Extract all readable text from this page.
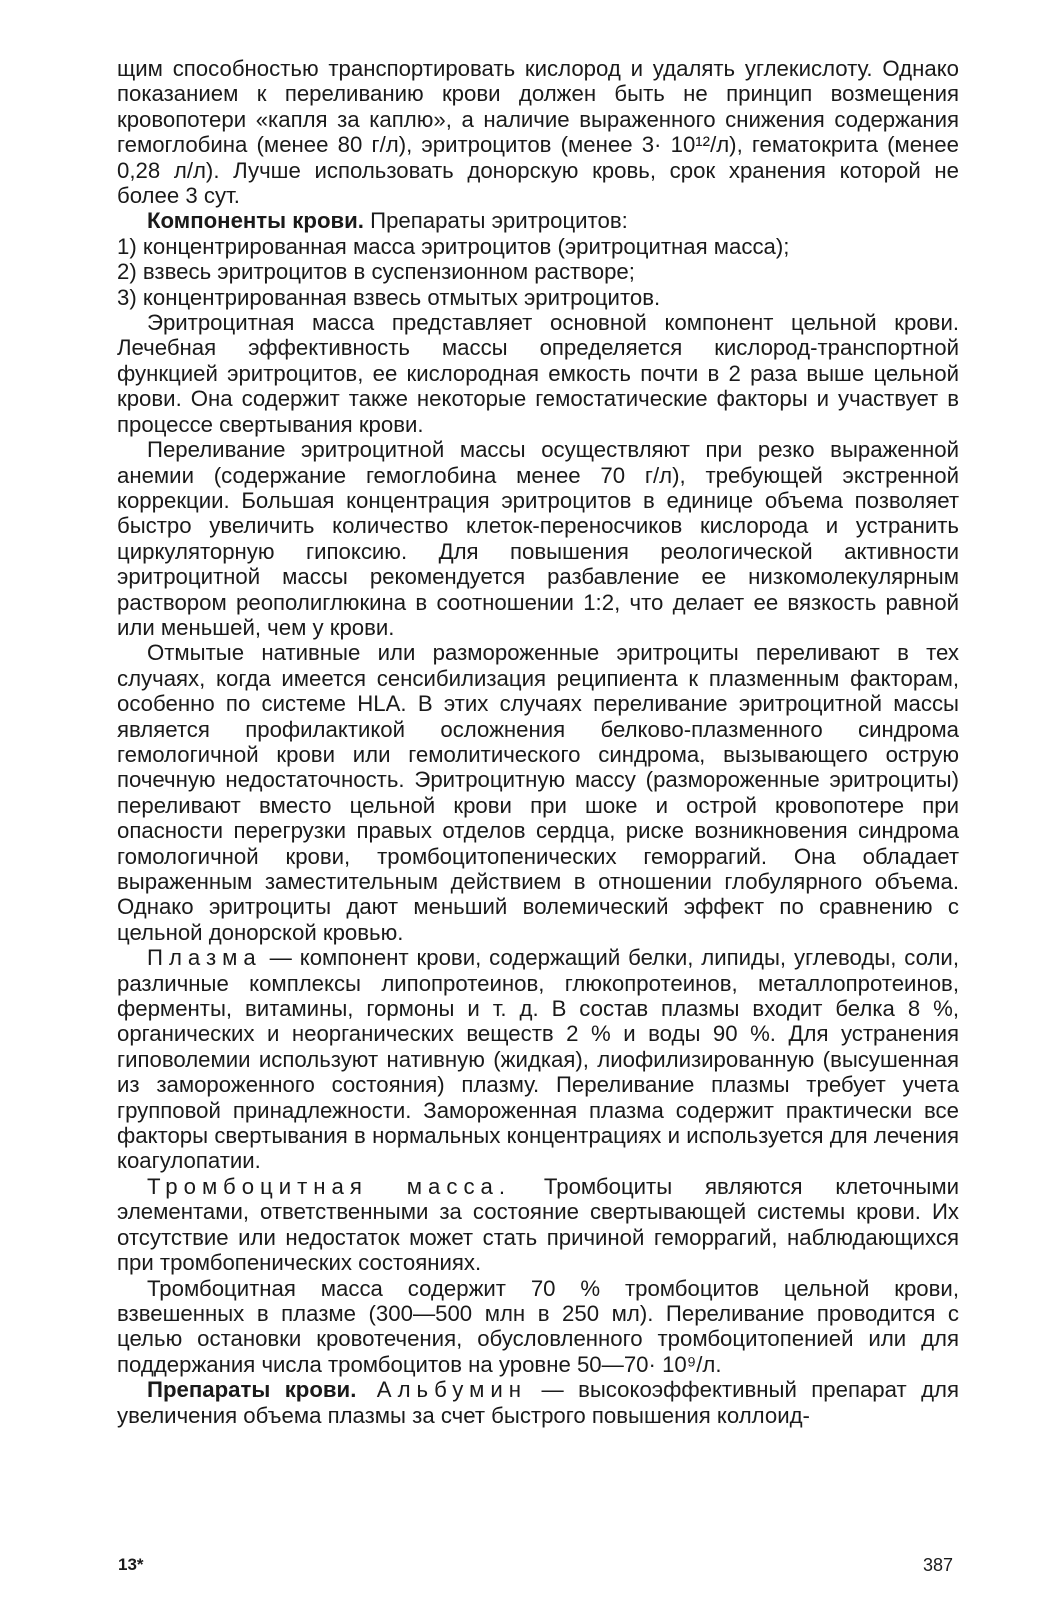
щим способностью транспортировать кислород и удалять углекислоту. Однако показанием к переливанию крови должен быть не принцип возмещения кровопотери «капля за каплю», а наличие выраженного снижения содержания гемоглобина (менее 80 г/л), эритроцитов (менее 3· 10¹²/л), гематокрита (менее 0,28 л/л). Лучше использовать донорскую кровь, срок хранения которой не более 3 сут.

Компоненты крови. Препараты эритроцитов:

1) концентрированная масса эритроцитов (эритроцитная масса);

2) взвесь эритроцитов в суспензионном растворе;

3) концентрированная взвесь отмытых эритроцитов.

Эритроцитная масса представляет основной компонент цельной крови. Лечебная эффективность массы определяется кислород-транспортной функцией эритроцитов, ее кислородная емкость почти в 2 раза выше цельной крови. Она содержит также некоторые гемостатические факторы и участвует в процессе свертывания крови.

Переливание эритроцитной массы осуществляют при резко выраженной анемии (содержание гемоглобина менее 70 г/л), требующей экстренной коррекции. Большая концентрация эритроцитов в единице объема позволяет быстро увеличить количество клеток-переносчиков кислорода и устранить циркуляторную гипоксию. Для повышения реологической активности эритроцитной массы рекомендуется разбавление ее низкомолекулярным раствором реополиглюкина в соотношении 1:2, что делает ее вязкость равной или меньшей, чем у крови.

Отмытые нативные или размороженные эритроциты переливают в тех случаях, когда имеется сенсибилизация реципиента к плазменным факторам, особенно по системе HLA. В этих случаях переливание эритроцитной массы является профилактикой осложнения белково-плазменного синдрома гемологичной крови или гемолитического синдрома, вызывающего острую почечную недостаточность. Эритроцитную массу (размороженные эритроциты) переливают вместо цельной крови при шоке и острой кровопотере при опасности перегрузки правых отделов сердца, риске возникновения синдрома гомологичной крови, тромбоцитопенических геморрагий. Она обладает выраженным заместительным действием в отношении глобулярного объема. Однако эритроциты дают меньший волемический эффект по сравнению с цельной донорской кровью.

Плазма — компонент крови, содержащий белки, липиды, углеводы, соли, различные комплексы липопротеинов, глюкопротеинов, металлопротеинов, ферменты, витамины, гормоны и т. д. В состав плазмы входит белка 8 %, органических и неорганических веществ 2 % и воды 90 %. Для устранения гиповолемии используют нативную (жидкая), лиофилизированную (высушенная из замороженного состояния) плазму. Переливание плазмы требует учета групповой принадлежности. Замороженная плазма содержит практически все факторы свертывания в нормальных концентрациях и используется для лечения коагулопатии.

Тромбоцитная масса. Тромбоциты являются клеточными элементами, ответственными за состояние свертывающей системы крови. Их отсутствие или недостаток может стать причиной геморрагий, наблюдающихся при тромбопенических состояниях.

Тромбоцитная масса содержит 70 % тромбоцитов цельной крови, взвешенных в плазме (300—500 млн в 250 мл). Переливание проводится с целью остановки кровотечения, обусловленного тромбоцитопенией или для поддержания числа тромбоцитов на уровне 50—70· 10⁹/л.

Препараты крови. Альбумин — высокоэффективный препарат для увеличения объема плазмы за счет быстрого повышения коллоид-

13*	387
